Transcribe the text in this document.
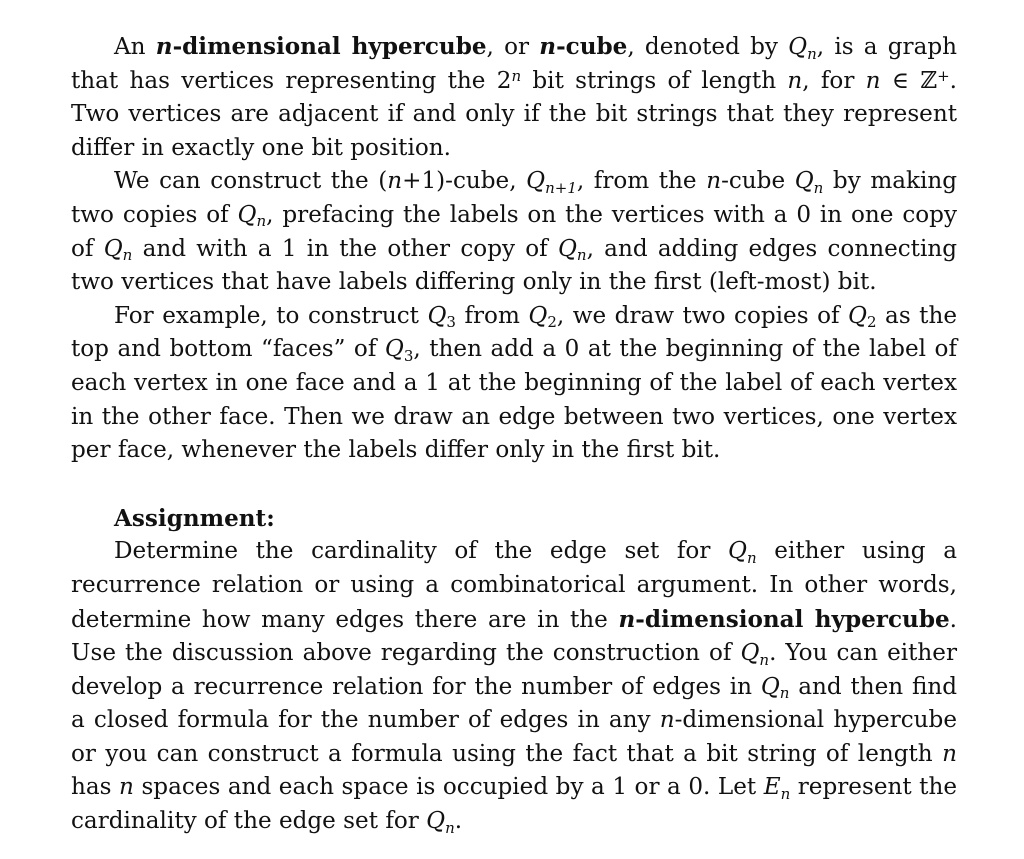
An n-dimensional hypercube, or n-cube, denoted by $Q_n$, is a graph that has vertices representing the 2$^n$ bit strings of length n, for n ∈ ℤ+. Two vertices are adjacent if and only if the bit strings that they represent differ in exactly one bit position.

We can construct the (n+1)-cube, $Q_{n+1}$, from the n-cube $Q_n$ by making two copies of $Q_n$, prefacing the labels on the vertices with a 0 in one copy of $Q_n$ and with a 1 in the other copy of $Q_n$, and adding edges connecting two vertices that have labels differing only in the first (left-most) bit.

For example, to construct $Q_3$ from $Q_2$, we draw two copies of $Q_2$ as the top and bottom “faces” of $Q_3$, then add a 0 at the beginning of the label of each vertex in one face and a 1 at the beginning of the label of each vertex in the other face. Then we draw an edge between two vertices, one vertex per face, whenever the labels differ only in the first bit.

Assignment:

Determine the cardinality of the edge set for $Q_n$ either using a recurrence relation or using a combinatorical argument. In other words, determine how many edges there are in the n-dimensional hypercube. Use the discussion above regarding the construction of $Q_n$. You can either develop a recurrence relation for the number of edges in $Q_n$ and then find a closed formula for the number of edges in any n-dimensional hypercube or you can construct a formula using the fact that a bit string of length n has n spaces and each space is occupied by a 1 or a 0. Let $E_n$ represent the cardinality of the edge set for $Q_n$.
